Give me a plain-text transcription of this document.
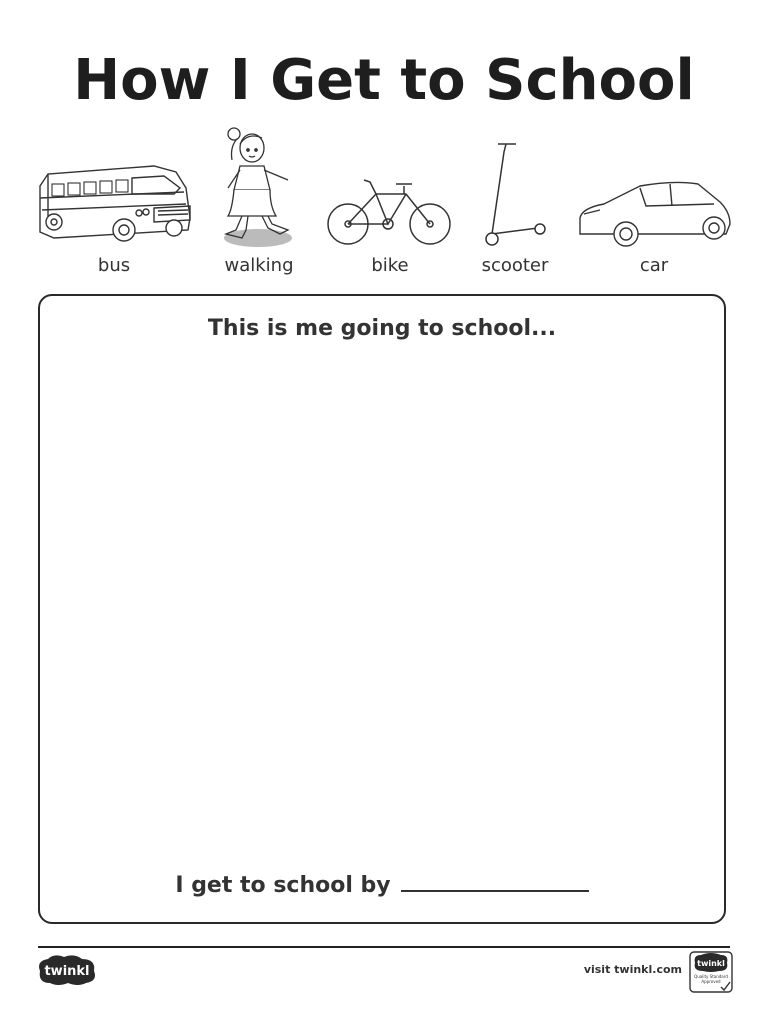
How I Get to School
bus	walking	bike	scooter	car
This is me going to school...
I get to school by
twinkl	visit twinkl.com twinkl
Quality Standard Approved
